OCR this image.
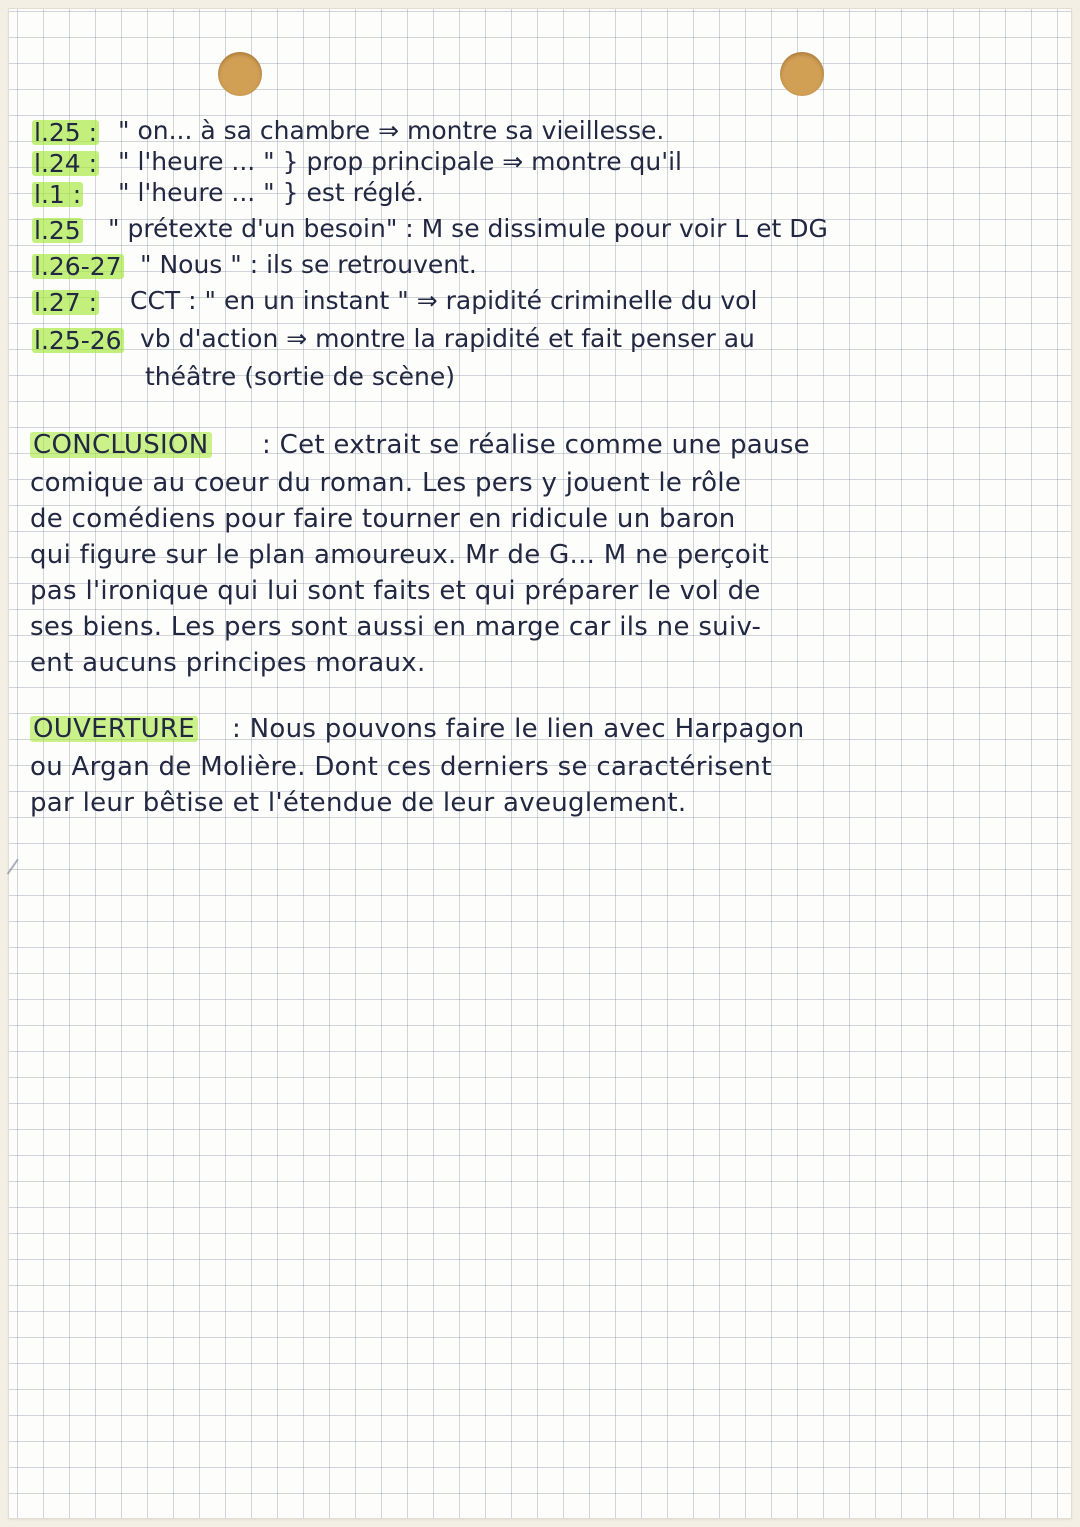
l.25 : " on... à sa chambre ⇒ montre sa vieillesse.
l.24 : " l'heure ... " } prop principale ⇒ montre qu'il
l.1 : " l'heure ... " } est réglé.
l.25 " prétexte d'un besoin" : M se dissimule pour voir L et DG
l.26-27 " Nous " : ils se retrouvent.
l.27 : CCT : " en un instant " ⇒ rapidité criminelle du vol
l.25-26 vb d'action ⇒ montre la rapidité et fait penser au
théâtre (sortie de scène)
CONCLUSION : Cet extrait se réalise comme une pause
comique au coeur du roman. Les pers y jouent le rôle
de comédiens pour faire tourner en ridicule un baron
qui figure sur le plan amoureux. Mr de G... M ne perçoit
pas l'ironique qui lui sont faits et qui préparer le vol de
ses biens. Les pers sont aussi en marge car ils ne suiv-
ent aucuns principes moraux.
OUVERTURE : Nous pouvons faire le lien avec Harpagon
ou Argan de Molière. Dont ces derniers se caractérisent
par leur bêtise et l'étendue de leur aveuglement.
